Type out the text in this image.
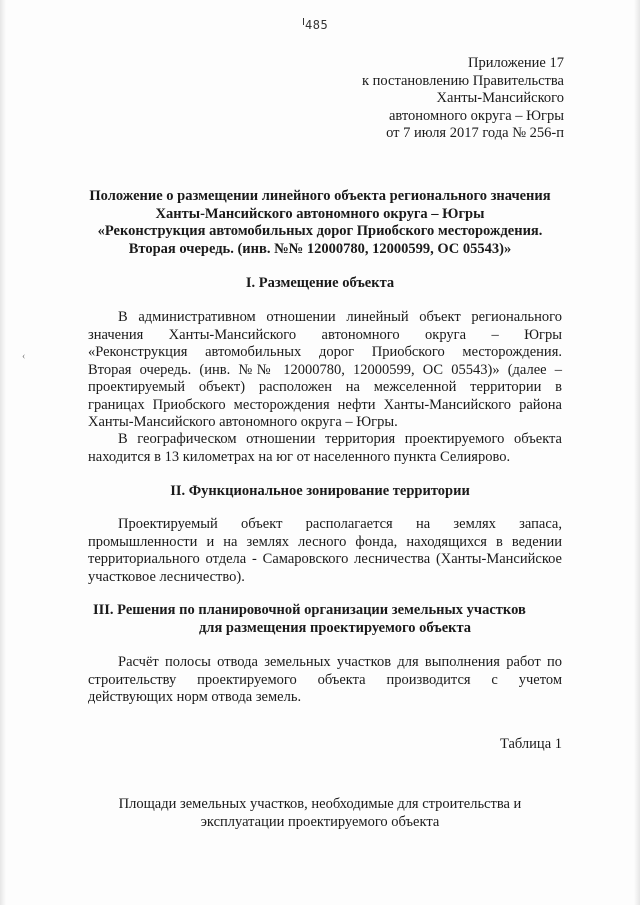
485
‹
Приложение 17
к постановлению Правительства
Ханты-Мансийского
автономного округа – Югры
от 7 июля 2017 года № 256-п
Положение о размещении линейного объекта регионального значения
Ханты-Мансийского автономного округа – Югры
«Реконструкция автомобильных дорог Приобского месторождения.
Вторая очередь. (инв. №№ 12000780, 12000599, ОС 05543)»
I. Размещение объекта
В административном отношении линейный объект регионального
значения Ханты-Мансийского автономного округа – Югры
«Реконструкция автомобильных дорог Приобского месторождения.
Вторая очередь. (инв. №№ 12000780, 12000599, ОС 05543)» (далее –
проектируемый объект) расположен на межселенной территории в
границах Приобского месторождения нефти Ханты-Мансийского района
Ханты-Мансийского автономного округа – Югры.
В географическом отношении территория проектируемого объекта
находится в 13 километрах на юг от населенного пункта Селиярово.
II. Функциональное зонирование территории
Проектируемый объект располагается на землях запаса,
промышленности и на землях лесного фонда, находящихся в ведении
территориального отдела - Самаровского лесничества (Ханты-Мансийское
участковое лесничество).
III. Решения по планировочной организации земельных участков
для размещения проектируемого объекта
Расчёт полосы отвода земельных участков для выполнения работ по
строительству проектируемого объекта производится с учетом
действующих норм отвода земель.
Таблица 1
Площади земельных участков, необходимые для строительства и
эксплуатации проектируемого объекта
